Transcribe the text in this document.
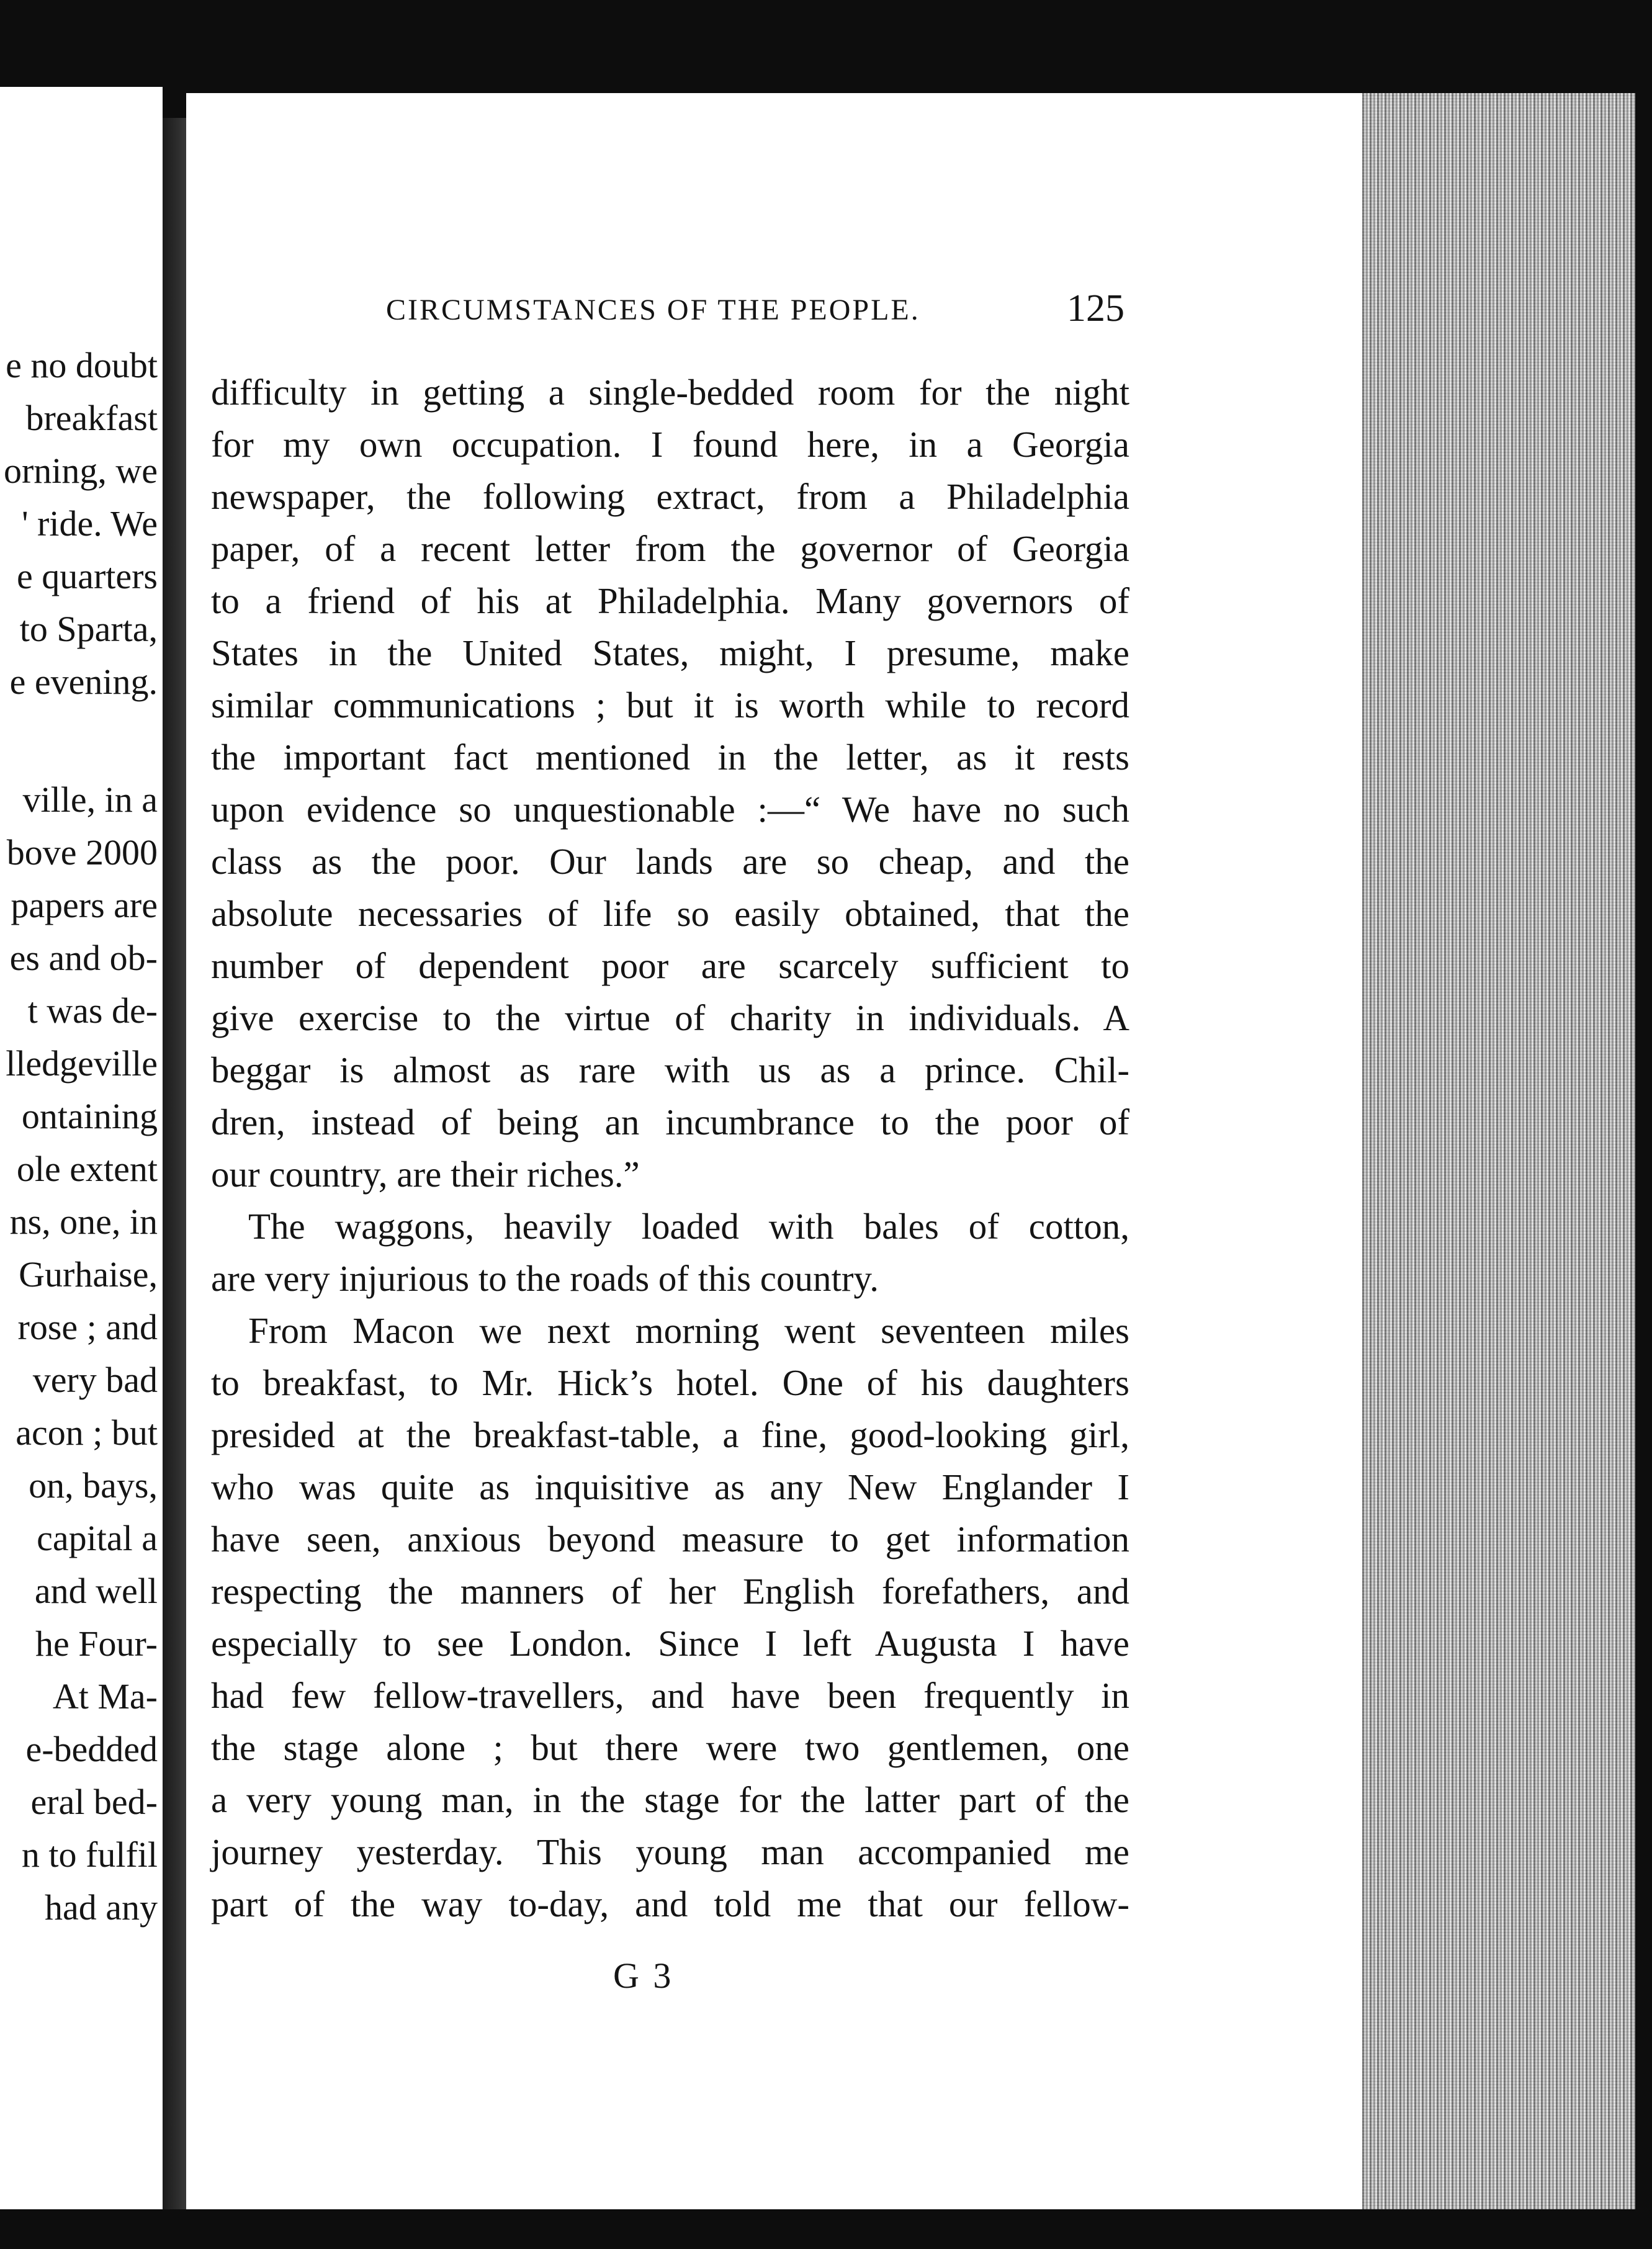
e no doubt
breakfast
orning, we
' ride. We
e quarters
to Sparta,
e evening.
ville, in a
bove 2000
papers are
es and ob-
t was de-
lledgeville
ontaining
ole extent
ns, one, in
Gurhaise,
rose ; and
very bad
acon ; but
on, bays,
capital a
and well
he Four-
At Ma-
e-bedded
eral bed-
n to fulfil
had any
CIRCUMSTANCES OF THE PEOPLE.	125
difficulty in getting a single-bedded room for the night
for my own occupation. I found here, in a Georgia
newspaper, the following extract, from a Philadelphia
paper, of a recent letter from the governor of Georgia
to a friend of his at Philadelphia. Many governors of
States in the United States, might, I presume, make
similar communications ; but it is worth while to record
the important fact mentioned in the letter, as it rests
upon evidence so unquestionable :—“ We have no such
class as the poor. Our lands are so cheap, and the
absolute necessaries of life so easily obtained, that the
number of dependent poor are scarcely sufficient to
give exercise to the virtue of charity in individuals. A
beggar is almost as rare with us as a prince. Chil-
dren, instead of being an incumbrance to the poor of
our country, are their riches.”
The waggons, heavily loaded with bales of cotton,
are very injurious to the roads of this country.
From Macon we next morning went seventeen miles
to breakfast, to Mr. Hick’s hotel. One of his daughters
presided at the breakfast-table, a fine, good-looking girl,
who was quite as inquisitive as any New Englander I
have seen, anxious beyond measure to get information
respecting the manners of her English forefathers, and
especially to see London. Since I left Augusta I have
had few fellow-travellers, and have been frequently in
the stage alone ; but there were two gentlemen, one
a very young man, in the stage for the latter part of the
journey yesterday. This young man accompanied me
part of the way to-day, and told me that our fellow-
G 3
